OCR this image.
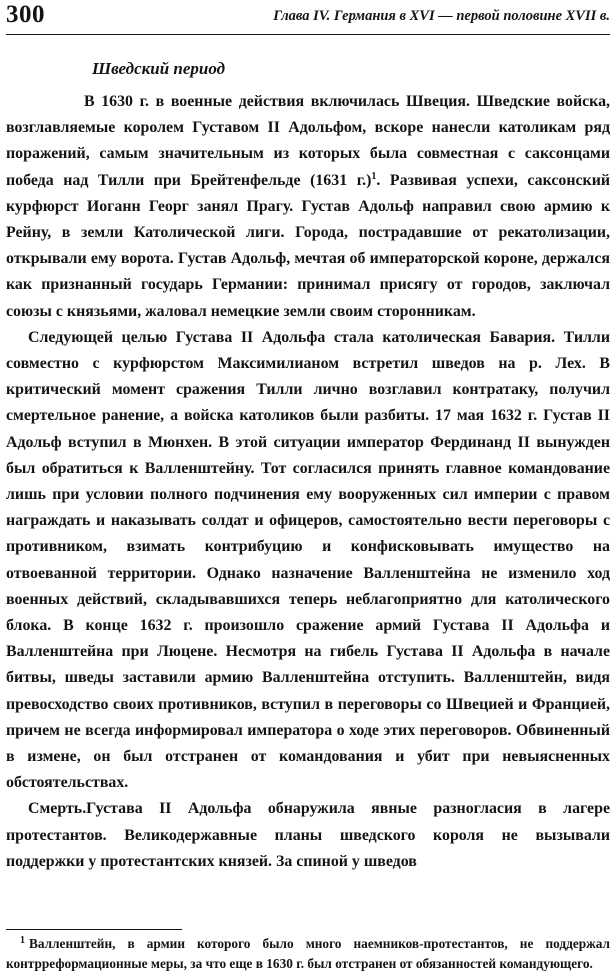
300	Глава IV. Германия в XVI — первой половине XVII в.
Шведский период

В 1630 г. в военные действия включилась Швеция. Шведские войска, возглавляемые королем Густавом II Адольфом, вскоре нанесли католикам ряд поражений, самым значительным из которых была совместная с саксонцами победа над Тилли при Брейтенфельде (1631 г.)$^1$. Развивая успехи, саксонский курфюрст Иоганн Георг занял Прагу. Густав Адольф направил свою армию к Рейну, в земли Католической лиги. Города, пострадавшие от рекатолизации, открывали ему ворота. Густав Адольф, мечтая об императорской короне, держался как признанный государь Германии: принимал присягу от городов, заключал союзы с князьями, жаловал немецкие земли своим сторонникам.

Следующей целью Густава II Адольфа стала католическая Бавария. Тилли совместно с курфюрстом Максимилианом встретил шведов на р. Лех. В критический момент сражения Тилли лично возглавил контратаку, получил смертельное ранение, а войска католиков были разбиты. 17 мая 1632 г. Густав II Адольф вступил в Мюнхен. В этой ситуации император Фердинанд II вынужден был обратиться к Валленштейну. Тот согласился принять главное командование лишь при условии полного подчинения ему вооруженных сил империи с правом награждать и наказывать солдат и офицеров, самостоятельно вести переговоры с противником, взимать контрибуцию и конфисковывать имущество на отвоеванной территории. Однако назначение Валленштейна не изменило ход военных действий, складывавшихся теперь неблагоприятно для католического блока. В конце 1632 г. произошло сражение армий Густава II Адольфа и Валленштейна при Люцене. Несмотря на гибель Густава II Адольфа в начале битвы, шведы заставили армию Валленштейна отступить. Валленштейн, видя превосходство своих противников, вступил в переговоры со Швецией и Францией, причем не всегда информировал императора о ходе этих переговоров. Обвиненный в измене, он был отстранен от командования и убит при невыясненных обстоятельствах.

Смерть.Густава II Адольфа обнаружила явные разногласия в лагере протестантов. Великодержавные планы шведского короля не вызывали поддержки у протестантских князей. За спиной у шведов

$^1$ Валленштейн, в армии которого было много наемников-протестантов, не поддержал контрреформационные меры, за что еще в 1630 г. был отстранен от обязанностей командующего.
